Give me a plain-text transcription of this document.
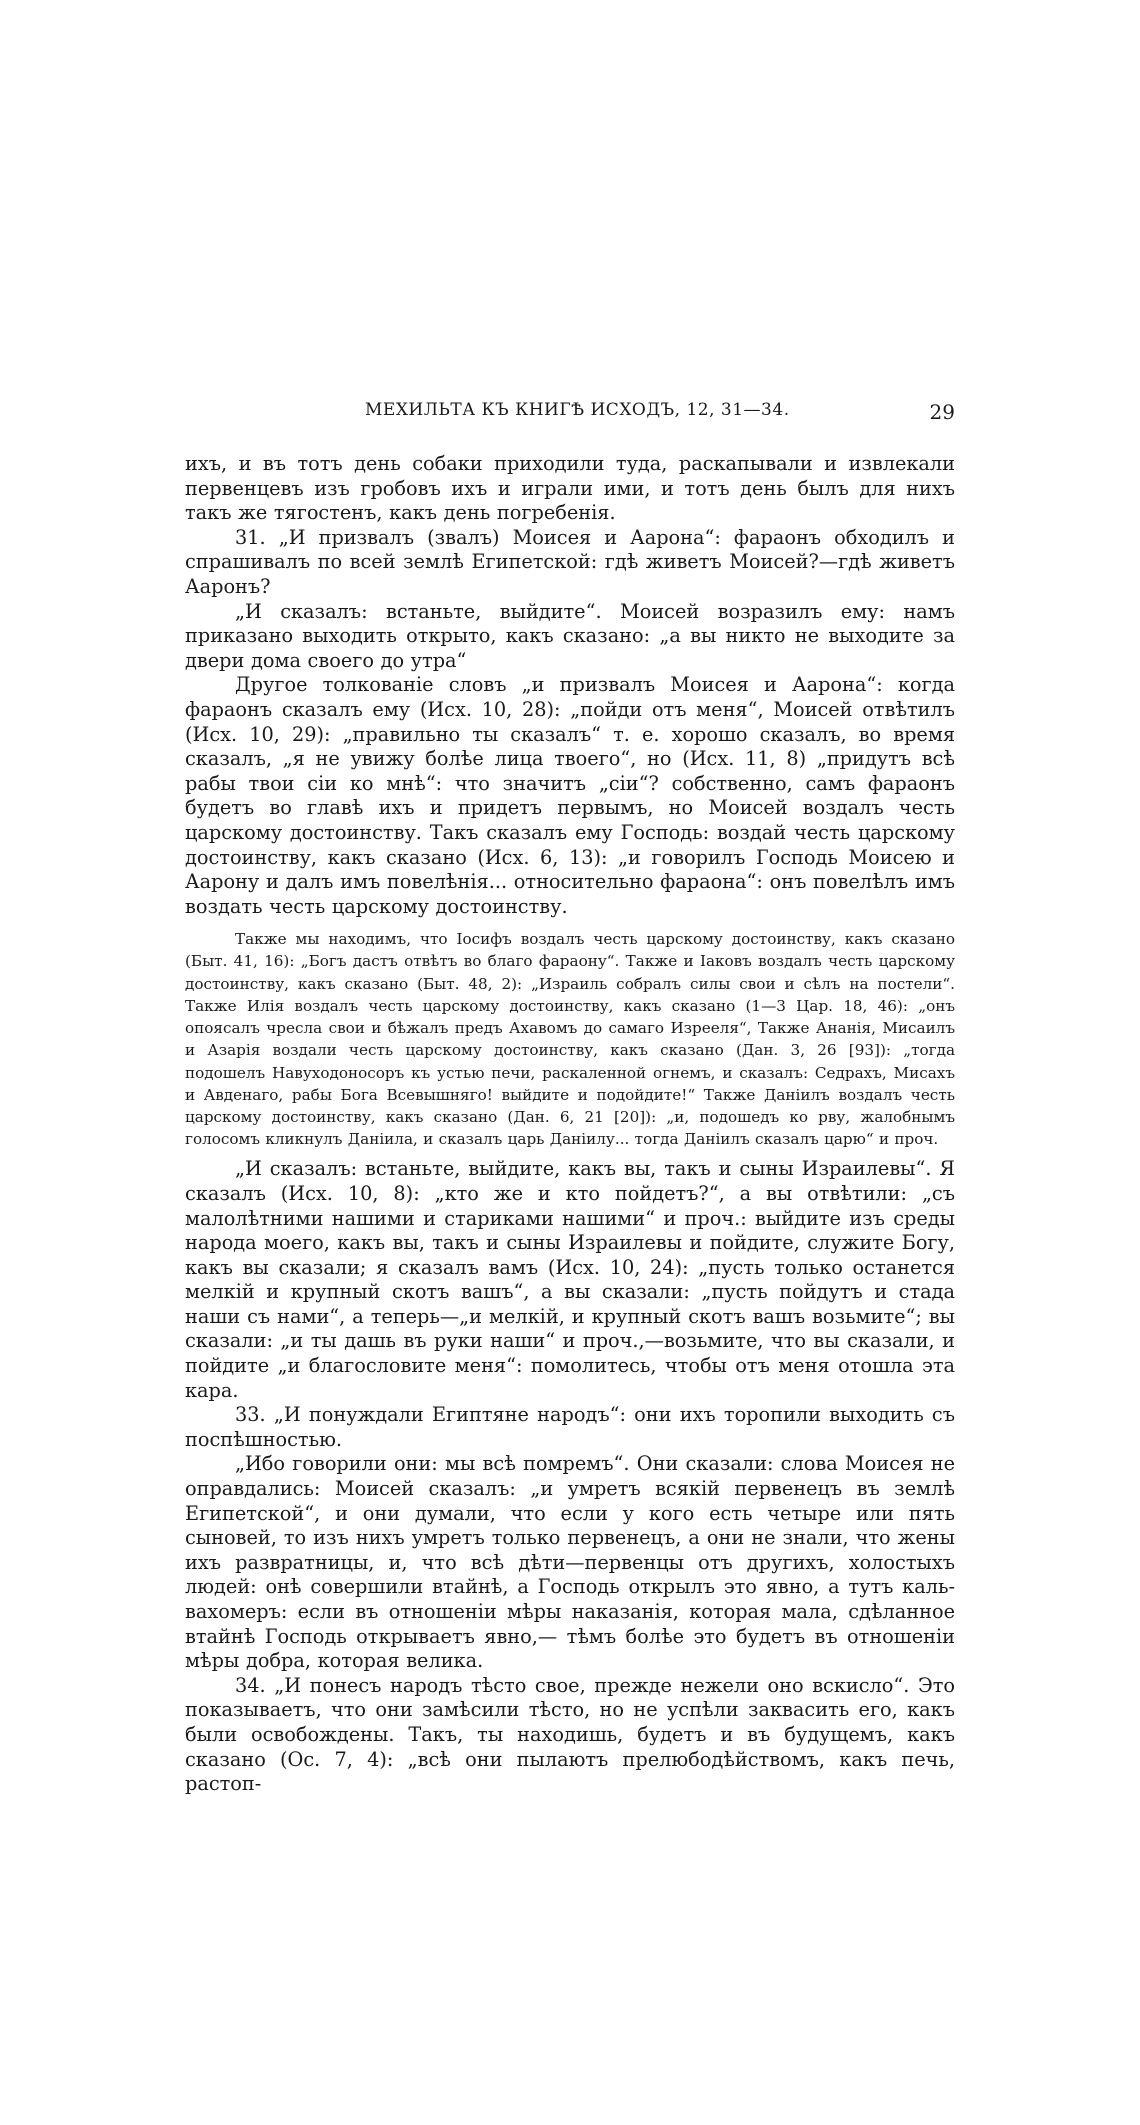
МЕХИЛЬТА КЪ КНИГѢ ИСХОДЪ, 12, 31—34.	29

ихъ, и въ тотъ день собаки приходили туда, раскапывали и извлекали первенцевъ изъ гробовъ ихъ и играли ими, и тотъ день былъ для нихъ такъ же тягостенъ, какъ день погребенія.

31. „И призвалъ (звалъ) Моисея и Аарона“: фараонъ обходилъ и спрашивалъ по всей землѣ Египетской: гдѣ живетъ Моисей?—гдѣ живетъ Ааронъ?

„И сказалъ: встаньте, выйдите“. Моисей возразилъ ему: намъ приказано выходить открыто, какъ сказано: „а вы никто не выходите за двери дома своего до утра“

Другое толкованіе словъ „и призвалъ Моисея и Аарона“: когда фараонъ сказалъ ему (Исх. 10, 28): „пойди отъ меня“, Моисей отвѣтилъ (Исх. 10, 29): „правильно ты сказалъ“ т. е. хорошо сказалъ, во время сказалъ, „я не увижу болѣе лица твоего“, но (Исх. 11, 8) „придутъ всѣ рабы твои сіи ко мнѣ“: что значитъ „сіи“? собственно, самъ фараонъ будетъ во главѣ ихъ и придетъ первымъ, но Моисей воздалъ честь царскому достоинству. Такъ сказалъ ему Господь: воздай честь царскому достоинству, какъ сказано (Исх. 6, 13): „и говорилъ Господь Моисею и Аарону и далъ имъ повелѣнія... относительно фараона“: онъ повелѣлъ имъ воздать честь царскому достоинству.

Также мы находимъ, что Іосифъ воздалъ честь царскому достоинству, какъ сказано (Быт. 41, 16): „Богъ дастъ отвѣтъ во благо фараону“. Также и Іаковъ воздалъ честь царскому достоинству, какъ сказано (Быт. 48, 2): „Израиль собралъ силы свои и сѣлъ на постели“. Также Илія воздалъ честь царскому достоинству, какъ сказано (1—3 Цар. 18, 46): „онъ опоясалъ чресла свои и бѣжалъ предъ Ахавомъ до самаго Изрееля“, Также Ананія, Мисаилъ и Азарія воздали честь царскому достоинству, какъ сказано (Дан. 3, 26 [93]): „тогда подошелъ Навуходоносоръ къ устью печи, раскаленной огнемъ, и сказалъ: Седрахъ, Мисахъ и Авденаго, рабы Бога Всевышняго! выйдите и подойдите!“ Также Даніилъ воздалъ честь царскому достоинству, какъ сказано (Дан. 6, 21 [20]): „и, подошедъ ко рву, жалобнымъ голосомъ кликнулъ Даніила, и сказалъ царь Даніилу... тогда Даніилъ сказалъ царю“ и проч.

„И сказалъ: встаньте, выйдите, какъ вы, такъ и сыны Израилевы“. Я сказалъ (Исх. 10, 8): „кто же и кто пойдетъ?“, а вы отвѣтили: „съ малолѣтними нашими и стариками нашими“ и проч.: выйдите изъ среды народа моего, какъ вы, такъ и сыны Израилевы и пойдите, служите Богу, какъ вы сказали; я сказалъ вамъ (Исх. 10, 24): „пусть только останется мелкій и крупный скотъ вашъ“, а вы сказали: „пусть пойдутъ и стада наши съ нами“, а теперь—„и мелкій, и крупный скотъ вашъ возьмите“; вы сказали: „и ты дашь въ руки наши“ и проч.,—возьмите, что вы сказали, и пойдите „и благословите меня“: помолитесь, чтобы отъ меня отошла эта кара.

33. „И понуждали Египтяне народъ“: они ихъ торопили выходить съ поспѣшностью.

„Ибо говорили они: мы всѣ помремъ“. Они сказали: слова Моисея не оправдались: Моисей сказалъ: „и умретъ всякій первенецъ въ землѣ Египетской“, и они думали, что если у кого есть четыре или пять сыновей, то изъ нихъ умретъ только первенецъ, а они не знали, что жены ихъ развратницы, и, что всѣ дѣти—первенцы отъ другихъ, холостыхъ людей: онѣ совершили втайнѣ, а Господь открылъ это явно, а тутъ каль-вахомеръ: если въ отношеніи мѣры наказанія, которая мала, сдѣланное втайнѣ Господь открываетъ явно,— тѣмъ болѣе это будетъ въ отношеніи мѣры добра, которая велика.

34. „И понесъ народъ тѣсто свое, прежде нежели оно вскисло“. Это показываетъ, что они замѣсили тѣсто, но не успѣли заквасить его, какъ были освобождены. Такъ, ты находишь, будетъ и въ будущемъ, какъ сказано (Ос. 7, 4): „всѣ они пылаютъ прелюбодѣйствомъ, какъ печь, растоп-
